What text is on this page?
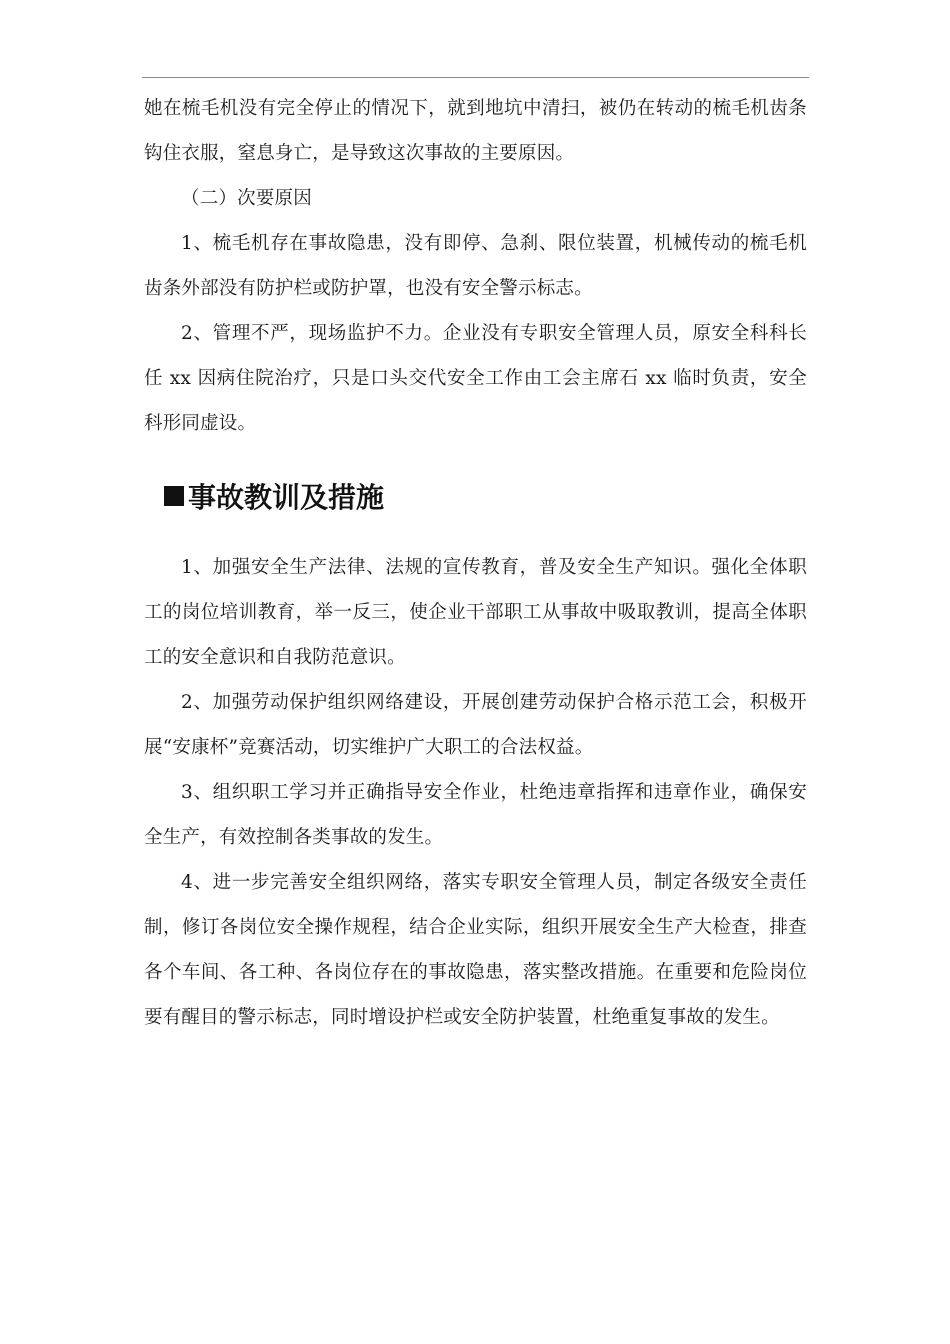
她在梳毛机没有完全停止的情况下，就到地坑中清扫，被仍在转动的梳毛机齿条钩住衣服，窒息身亡，是导致这次事故的主要原因。

（二）次要原因

1、梳毛机存在事故隐患，没有即停、急刹、限位装置，机械传动的梳毛机齿条外部没有防护栏或防护罩，也没有安全警示标志。

2、管理不严，现场监护不力。企业没有专职安全管理人员，原安全科科长任 xx 因病住院治疗，只是口头交代安全工作由工会主席石 xx 临时负责，安全科形同虚设。

事故教训及措施

1、加强安全生产法律、法规的宣传教育，普及安全生产知识。强化全体职工的岗位培训教育，举一反三，使企业干部职工从事故中吸取教训，提高全体职工的安全意识和自我防范意识。

2、加强劳动保护组织网络建设，开展创建劳动保护合格示范工会，积极开展“安康杯”竞赛活动，切实维护广大职工的合法权益。

3、组织职工学习并正确指导安全作业，杜绝违章指挥和违章作业，确保安全生产，有效控制各类事故的发生。

4、进一步完善安全组织网络，落实专职安全管理人员，制定各级安全责任制，修订各岗位安全操作规程，结合企业实际，组织开展安全生产大检查，排查各个车间、各工种、各岗位存在的事故隐患，落实整改措施。在重要和危险岗位要有醒目的警示标志，同时增设护栏或安全防护装置，杜绝重复事故的发生。
